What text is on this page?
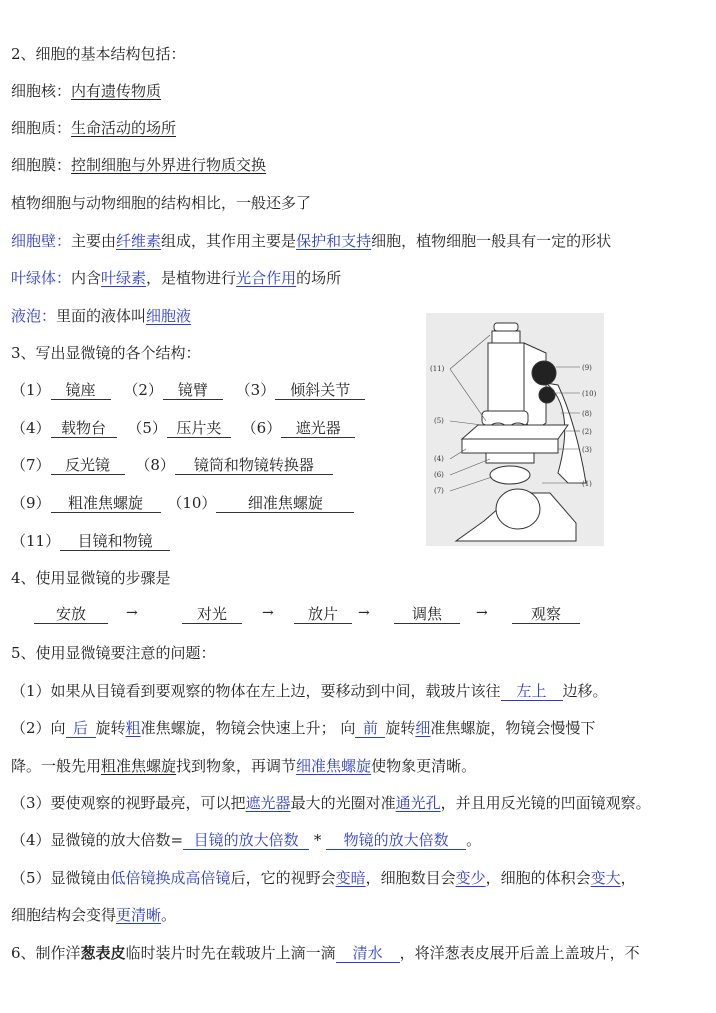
2、细胞的基本结构包括：
细胞核：内有遗传物质
细胞质：生命活动的场所
细胞膜：控制细胞与外界进行物质交换
植物细胞与动物细胞的结构相比，一般还多了
细胞壁：主要由纤维素组成，其作用主要是保护和支持细胞，植物细胞一般具有一定的形状
叶绿体：内含叶绿素，是植物进行光合作用的场所
液泡：里面的液体叫细胞液
3、写出显微镜的各个结构：
（1） 镜座 （2） 镜臂 （3） 倾斜关节
（4） 载物台 （5） 压片夹 （6） 遮光器
（7） 反光镜 （8） 镜筒和物镜转换器
（9） 粗准焦螺旋 （10） 细准焦螺旋
（11） 目镜和物镜
(11)	(9)
(10)
(5)
(8)
(2)
(3)
(4)
(6)
(7)
(1)
4、使用显微镜的步骤是
安放	→	对光	→	放片	→	调焦	→	观察
5、使用显微镜要注意的问题：
（1）如果从目镜看到要观察的物体在左上边，要移动到中间，载玻片该往 左上 边移。
（2）向 后 旋转粗准焦螺旋，物镜会快速上升； 向 前 旋转细准焦螺旋，物镜会慢慢下
降。一般先用粗准焦螺旋找到物象，再调节细准焦螺旋使物象更清晰。
（3）要使观察的视野最亮，可以把遮光器最大的光圈对准通光孔，并且用反光镜的凹面镜观察。
（4）显微镜的放大倍数= 目镜的放大倍数 * 物镜的放大倍数 。
（5）显微镜由低倍镜换成高倍镜后，它的视野会变暗，细胞数目会变少，细胞的体积会变大，
细胞结构会变得更清晰。
6、制作洋葱表皮临时装片时先在载玻片上滴一滴 清水 ，将洋葱表皮展开后盖上盖玻片，不
